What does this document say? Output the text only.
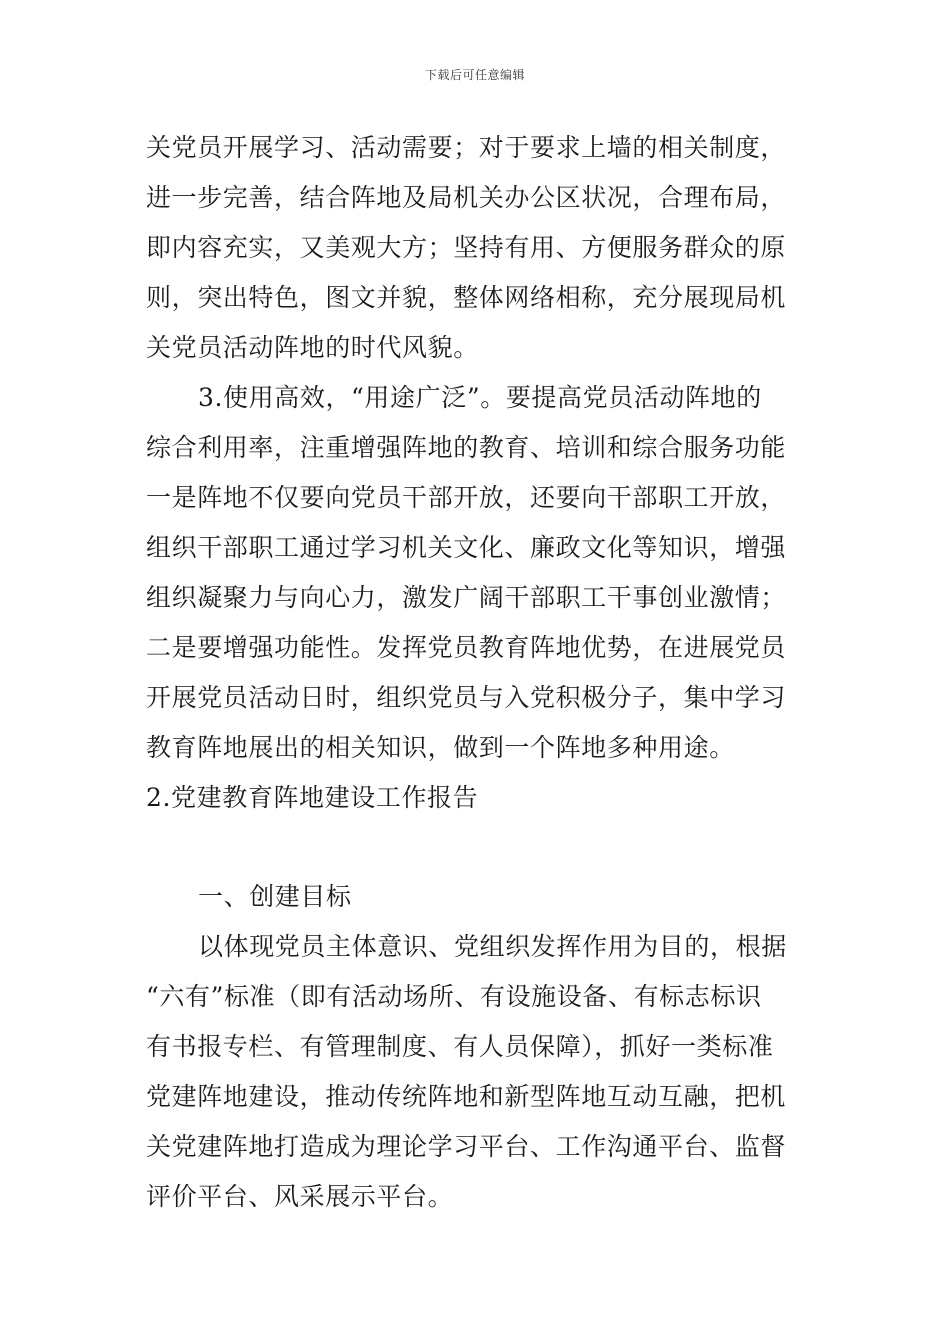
下载后可任意编辑
关党员开展学习、活动需要；对于要求上墙的相关制度，
进一步完善，结合阵地及局机关办公区状况，合理布局，
即内容充实，又美观大方；坚持有用、方便服务群众的原
则，突出特色，图文并貌，整体网络相称，充分展现局机
关党员活动阵地的时代风貌。
3.使用高效，“用途广泛”。要提高党员活动阵地的
综合利用率，注重增强阵地的教育、培训和综合服务功能
一是阵地不仅要向党员干部开放，还要向干部职工开放，
组织干部职工通过学习机关文化、廉政文化等知识，增强
组织凝聚力与向心力，激发广阔干部职工干事创业激情；
二是要增强功能性。发挥党员教育阵地优势，在进展党员
开展党员活动日时，组织党员与入党积极分子，集中学习
教育阵地展出的相关知识，做到一个阵地多种用途。
2.党建教育阵地建设工作报告
一、创建目标
以体现党员主体意识、党组织发挥作用为目的，根据
“六有”标准（即有活动场所、有设施设备、有标志标识
有书报专栏、有管理制度、有人员保障），抓好一类标准
党建阵地建设，推动传统阵地和新型阵地互动互融，把机
关党建阵地打造成为理论学习平台、工作沟通平台、监督
评价平台、风采展示平台。
